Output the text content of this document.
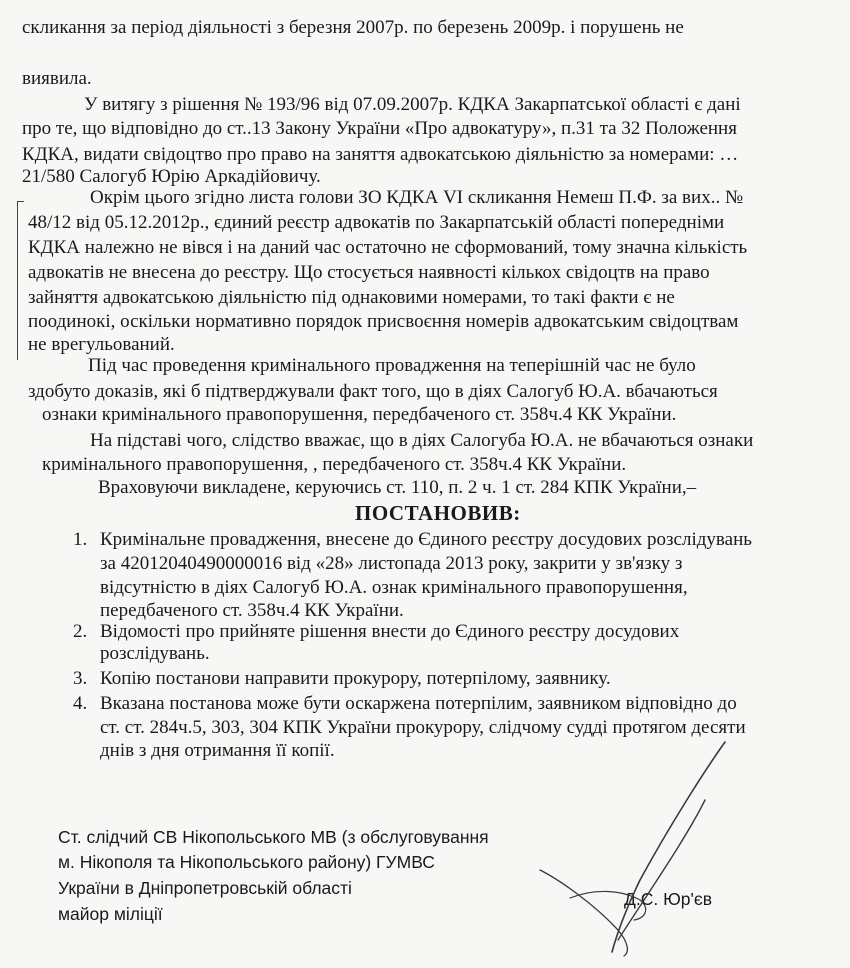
скликання за період діяльності з березня 2007р. по березень 2009р. і порушень не
виявила.
У витягу з рішення № 193/96 від 07.09.2007р. КДКА Закарпатської області є дані
про те, що відповідно до ст..13 Закону України «Про адвокатуру», п.31 та 32 Положення
КДКА, видати свідоцтво про право на заняття адвокатською діяльністю за номерами: …
21/580 Салогуб Юрію Аркадійовичу.
Окрім цього згідно листа голови ЗО КДКА VI скликання Немеш П.Ф. за вих.. №
48/12 від 05.12.2012р., єдиний реєстр адвокатів по Закарпатській області попередніми
КДКА належно не вівся і на даний час остаточно не сформований, тому значна кількість
адвокатів не внесена до реєстру. Що стосується наявності кількох свідоцтв на право
зайняття адвокатською діяльністю під однаковими номерами, то такі факти є не
поодинокі, оскільки нормативно порядок присвоєння номерів адвокатським свідоцтвам
не врегульований.
Під час проведення кримінального провадження на теперішній час не було
здобуто доказів, які б підтверджували факт того, що в діях Салогуб Ю.А. вбачаються
ознаки кримінального правопорушення, передбаченого ст. 358ч.4 КК України.
На підставі чого, слідство вважає, що в діях Салогуба Ю.А. не вбачаються ознаки
кримінального правопорушення, , передбаченого ст. 358ч.4 КК України.
Враховуючи викладене, керуючись ст. 110, п. 2 ч. 1 ст. 284 КПК України,–
ПОСТАНОВИВ:
1. Кримінальне провадження, внесене до Єдиного реєстру досудових розслідувань
за 42012040490000016 від «28» листопада 2013 року, закрити у зв'язку з
відсутністю в діях Салогуб Ю.А. ознак кримінального правопорушення,
передбаченого ст. 358ч.4 КК України.
2. Відомості про прийняте рішення внести до Єдиного реєстру досудових
розслідувань.
3. Копію постанови направити прокурору, потерпілому, заявнику.
4. Вказана постанова може бути оскаржена потерпілим, заявником відповідно до
ст. ст. 284ч.5, 303, 304 КПК України прокурору, слідчому судді протягом десяти
днів з дня отримання її копії.
Ст. слідчий СВ Нікопольського МВ (з обслуговування
м. Нікополя та Нікопольського району) ГУМВС
України в Дніпропетровській області
майор міліції
Д.С. Юр'єв
